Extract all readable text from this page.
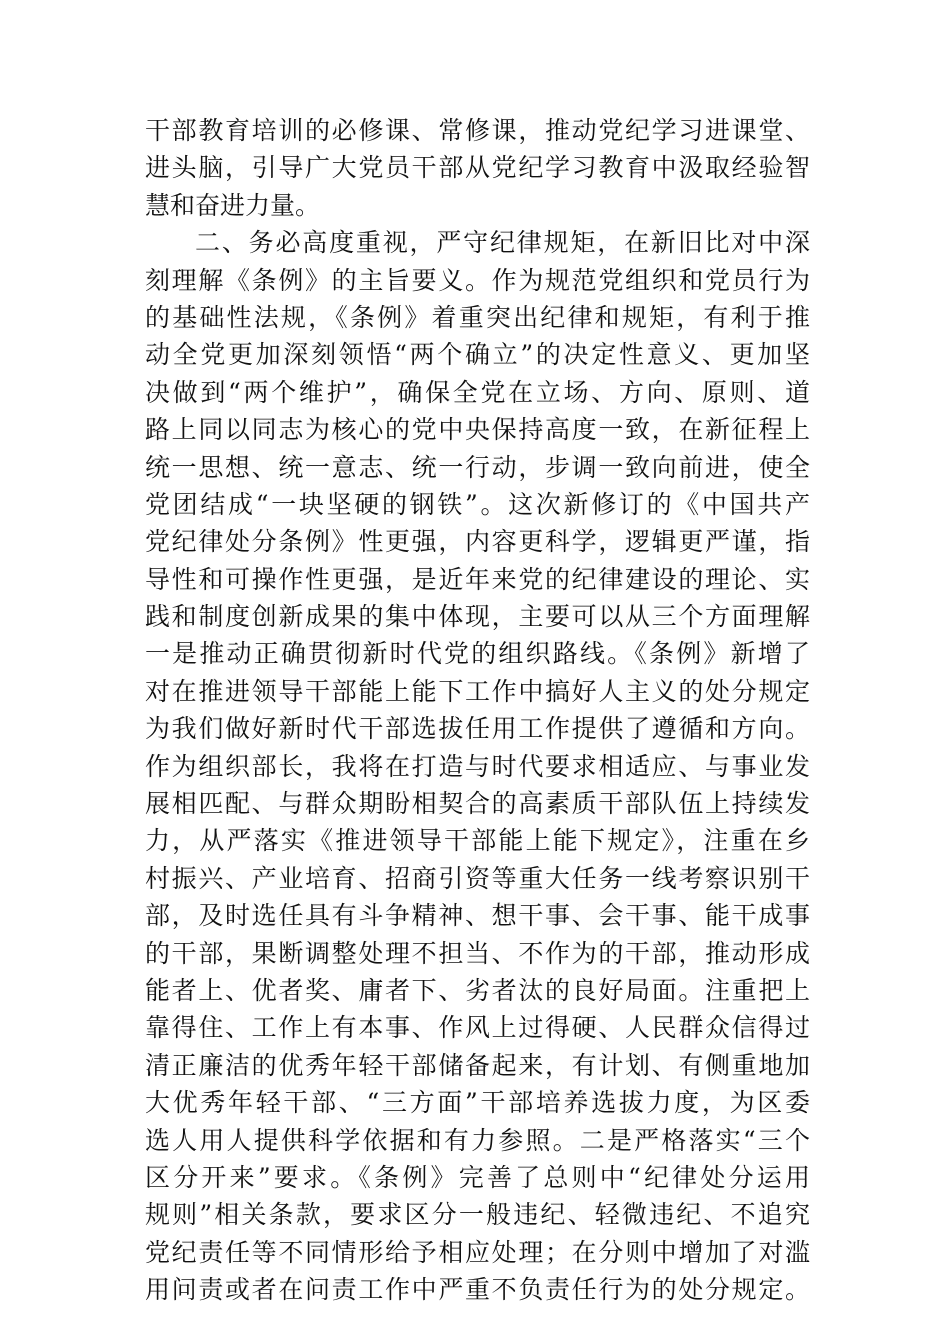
干部教育培训的必修课、常修课，推动党纪学习进课堂、
进头脑，引导广大党员干部从党纪学习教育中汲取经验智
慧和奋进力量。
二、务必高度重视，严守纪律规矩，在新旧比对中深
刻理解《条例》的主旨要义。作为规范党组织和党员行为
的基础性法规，《条例》着重突出纪律和规矩，有利于推
动全党更加深刻领悟“两个确立”的决定性意义、更加坚
决做到“两个维护”，确保全党在立场、方向、原则、道
路上同以同志为核心的党中央保持高度一致，在新征程上
统一思想、统一意志、统一行动，步调一致向前进，使全
党团结成“一块坚硬的钢铁”。这次新修订的《中国共产
党纪律处分条例》性更强，内容更科学，逻辑更严谨，指
导性和可操作性更强，是近年来党的纪律建设的理论、实
践和制度创新成果的集中体现，主要可以从三个方面理解
一是推动正确贯彻新时代党的组织路线。《条例》新增了
对在推进领导干部能上能下工作中搞好人主义的处分规定
为我们做好新时代干部选拔任用工作提供了遵循和方向。
作为组织部长，我将在打造与时代要求相适应、与事业发
展相匹配、与群众期盼相契合的高素质干部队伍上持续发
力，从严落实《推进领导干部能上能下规定》，注重在乡
村振兴、产业培育、招商引资等重大任务一线考察识别干
部，及时选任具有斗争精神、想干事、会干事、能干成事
的干部，果断调整处理不担当、不作为的干部，推动形成
能者上、优者奖、庸者下、劣者汰的良好局面。注重把上
靠得住、工作上有本事、作风上过得硬、人民群众信得过
清正廉洁的优秀年轻干部储备起来，有计划、有侧重地加
大优秀年轻干部、“三方面”干部培养选拔力度，为区委
选人用人提供科学依据和有力参照。二是严格落实“三个
区分开来”要求。《条例》完善了总则中“纪律处分运用
规则”相关条款，要求区分一般违纪、轻微违纪、不追究
党纪责任等不同情形给予相应处理；在分则中增加了对滥
用问责或者在问责工作中严重不负责任行为的处分规定。
